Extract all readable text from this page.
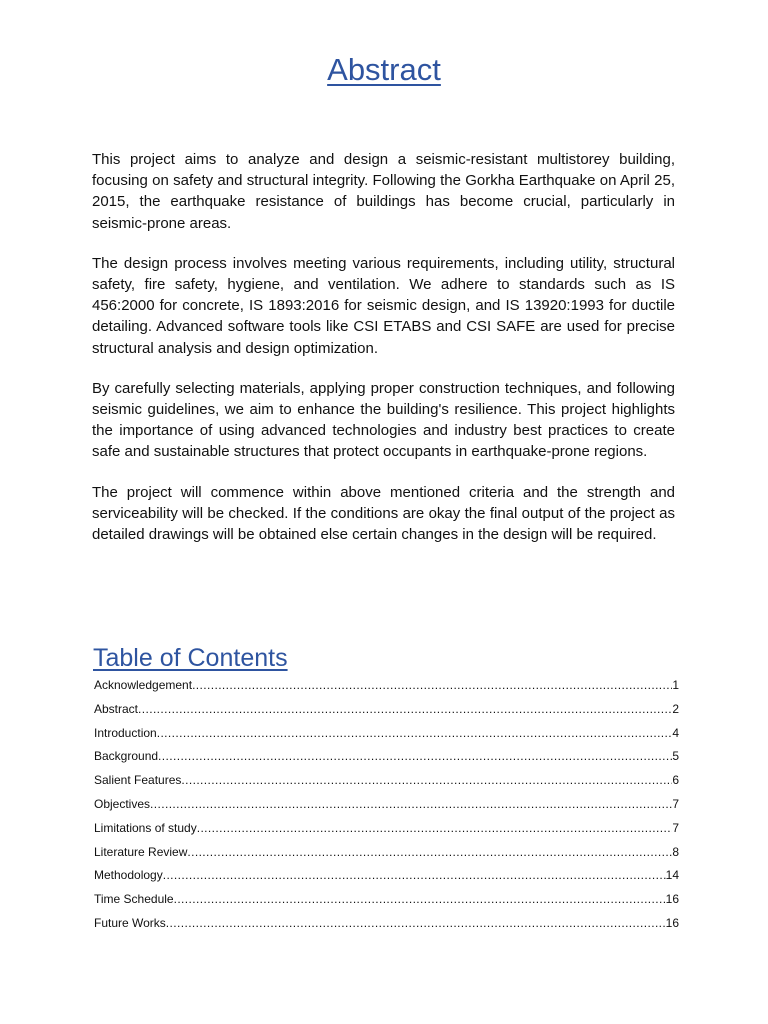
Abstract

This project aims to analyze and design a seismic-resistant multistorey building, focusing on safety and structural integrity. Following the Gorkha Earthquake on April 25, 2015, the earthquake resistance of buildings has become crucial, particularly in seismic-prone areas.

The design process involves meeting various requirements, including utility, structural safety, fire safety, hygiene, and ventilation. We adhere to standards such as IS 456:2000 for concrete, IS 1893:2016 for seismic design, and IS 13920:1993 for ductile detailing. Advanced software tools like CSI ETABS and CSI SAFE are used for precise structural analysis and design optimization.

By carefully selecting materials, applying proper construction techniques, and following seismic guidelines, we aim to enhance the building's resilience. This project highlights the importance of using advanced technologies and industry best practices to create safe and sustainable structures that protect occupants in earthquake-prone regions.

The project will commence within above mentioned criteria and the strength and serviceability will be checked. If the conditions are okay the final output of the project as detailed drawings will be obtained else certain changes in the design will be required.

Table of Contents
Acknowledgement .....	1
Abstract .....	2
Introduction .....	4
Background .....	5
Salient Features .....	6
Objectives .....	7
Limitations of study .....	7
Literature Review .....	8
Methodology .....	14
Time Schedule .....	16
Future Works .....	16
